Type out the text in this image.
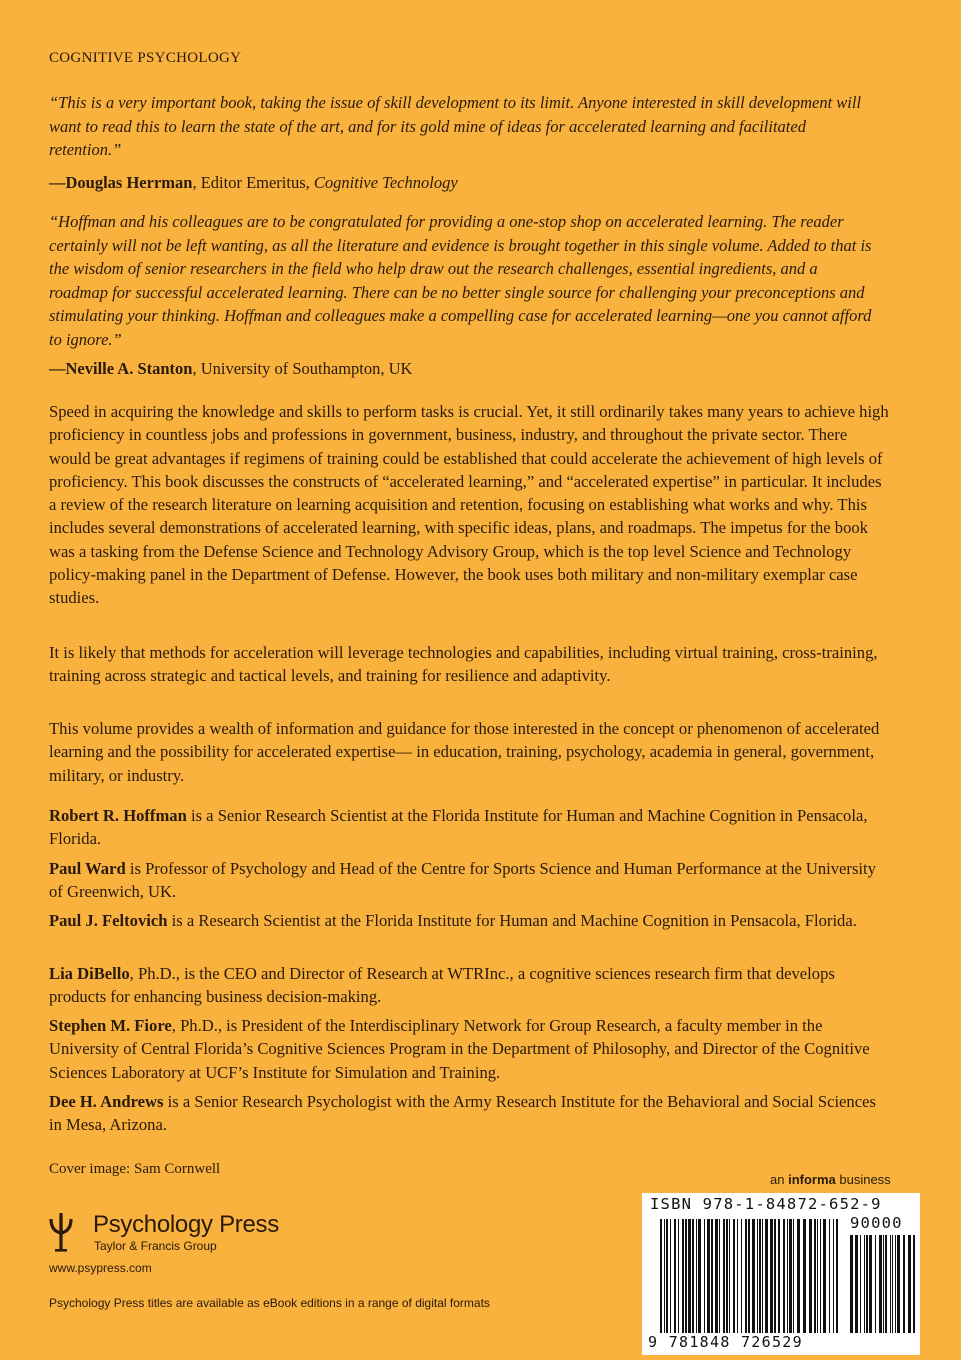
COGNITIVE PSYCHOLOGY

“This is a very important book, taking the issue of skill development to its limit. Anyone interested in skill development will want to read this to learn the state of the art, and for its gold mine of ideas for accelerated learning and facilitated retention.”

—Douglas Herrman, Editor Emeritus, Cognitive Technology

“Hoffman and his colleagues are to be congratulated for providing a one-stop shop on accelerated learning. The reader certainly will not be left wanting, as all the literature and evidence is brought together in this single volume. Added to that is the wisdom of senior researchers in the field who help draw out the research challenges, essential ingredients, and a roadmap for successful accelerated learning. There can be no better single source for challenging your preconceptions and stimulating your thinking. Hoffman and colleagues make a compelling case for accelerated learning—one you cannot afford to ignore.”

—Neville A. Stanton, University of Southampton, UK

Speed in acquiring the knowledge and skills to perform tasks is crucial. Yet, it still ordinarily takes many years to achieve high proficiency in countless jobs and professions in government, business, industry, and throughout the private sector. There would be great advantages if regimens of training could be established that could accelerate the achievement of high levels of proficiency. This book discusses the constructs of “accelerated learning,” and “accelerated expertise” in particular. It includes a review of the research literature on learning acquisition and retention, focusing on establishing what works and why. This includes several demonstrations of accelerated learning, with specific ideas, plans, and roadmaps. The impetus for the book was a tasking from the Defense Science and Technology Advisory Group, which is the top level Science and Technology policy-making panel in the Department of Defense. However, the book uses both military and non-military exemplar case studies.

It is likely that methods for acceleration will leverage technologies and capabilities, including virtual training, cross-training, training across strategic and tactical levels, and training for resilience and adaptivity.

This volume provides a wealth of information and guidance for those interested in the concept or phenomenon of accelerated learning and the possibility for accelerated expertise— in education, training, psychology, academia in general, government, military, or industry.

Robert R. Hoffman is a Senior Research Scientist at the Florida Institute for Human and Machine Cognition in Pensacola, Florida.

Paul Ward is Professor of Psychology and Head of the Centre for Sports Science and Human Performance at the University of Greenwich, UK.

Paul J. Feltovich is a Research Scientist at the Florida Institute for Human and Machine Cognition in Pensacola, Florida.

Lia DiBello, Ph.D., is the CEO and Director of Research at WTRInc., a cognitive sciences research firm that develops products for enhancing business decision-making.

Stephen M. Fiore, Ph.D., is President of the Interdisciplinary Network for Group Research, a faculty member in the University of Central Florida’s Cognitive Sciences Program in the Department of Philosophy, and Director of the Cognitive Sciences Laboratory at UCF’s Institute for Simulation and Training.

Dee H. Andrews is a Senior Research Psychologist with the Army Research Institute for the Behavioral and Social Sciences in Mesa, Arizona.

Cover image: Sam Cornwell
Psychology Press
Taylor & Francis Group
www.psypress.com
Psychology Press titles are available as eBook editions in a range of digital formats
an informa business
ISBN 978-1-84872-652-9
90000
9 781848 726529
